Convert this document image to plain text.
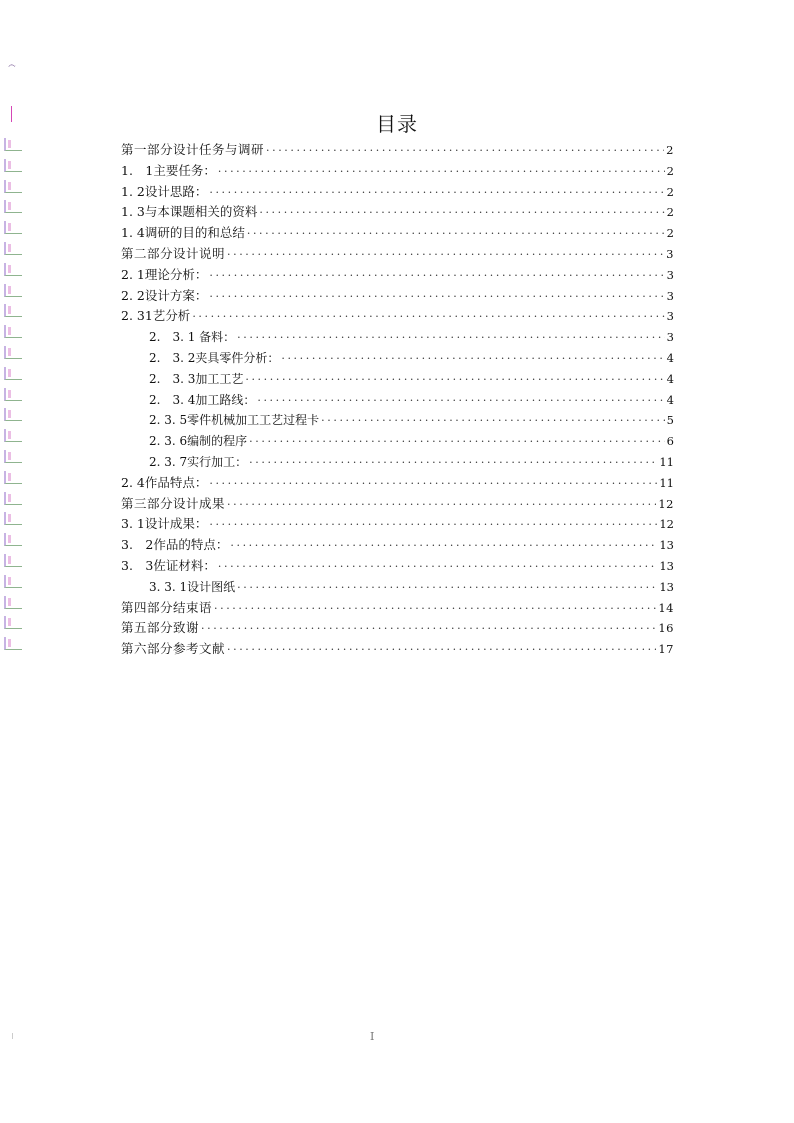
෴
目录
第一部分设计任务与调研 ·····	2
1.　1主要任务： ·····	2
1. 2设计思路： ·····	2
1. 3与本课题相关的资料 ·····	2
1. 4调研的目的和总结 ·····	2
第二部分设计说明 ·····	3
2. 1理论分析： ·····	3
2. 2设计方案： ·····	3
2. 31艺分析 ·····	3
2.　3. 1 备料： ·····	3
2.　3. 2夹具零件分析： ·····	4
2.　3. 3加工工艺 ·····	4
2.　3. 4加工路线： ·····	4
2. 3. 5零件机械加工工艺过程卡 ·····	5
2. 3. 6编制的程序 ·····	6
2. 3. 7实行加工： ·····	11
2. 4作品特点： ·····	11
第三部分设计成果 ·····	12
3. 1设计成果： ·····	12
3.　2作品的特点： ·····	13
3.　3佐证材料： ·····	13
3. 3. 1设计图纸 ·····	13
第四部分结束语 ·····	14
第五部分致谢 ·····	16
第六部分参考文献 ·····	17
I
